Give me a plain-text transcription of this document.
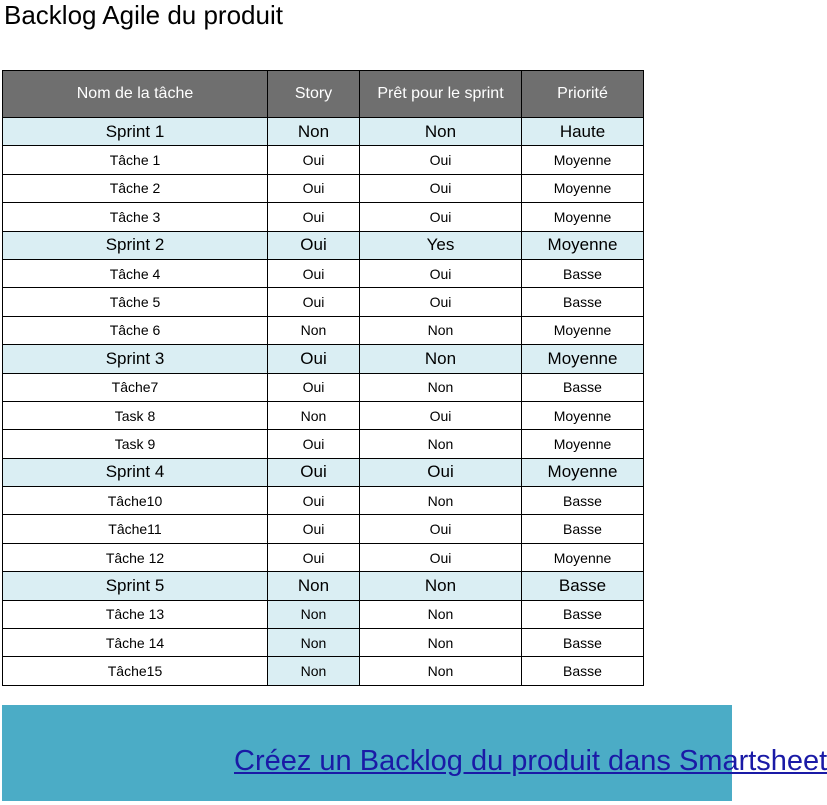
Backlog Agile du produit
Nom de la tâche	Story	Prêt pour le sprint	Priorité
Sprint 1	Non	Non	Haute
Tâche 1	Oui	Oui	Moyenne
Tâche 2	Oui	Oui	Moyenne
Tâche 3	Oui	Oui	Moyenne
Sprint 2	Oui	Yes	Moyenne
Tâche 4	Oui	Oui	Basse
Tâche 5	Oui	Oui	Basse
Tâche 6	Non	Non	Moyenne
Sprint 3	Oui	Non	Moyenne
Tâche7	Oui	Non	Basse
Task 8	Non	Oui	Moyenne
Task 9	Oui	Non	Moyenne
Sprint 4	Oui	Oui	Moyenne
Tâche10	Oui	Non	Basse
Tâche11	Oui	Oui	Basse
Tâche 12	Oui	Oui	Moyenne
Sprint 5	Non	Non	Basse
Tâche 13	Non	Non	Basse
Tâche 14	Non	Non	Basse
Tâche15	Non	Non	Basse
Créez un Backlog du produit dans Smartsheet
